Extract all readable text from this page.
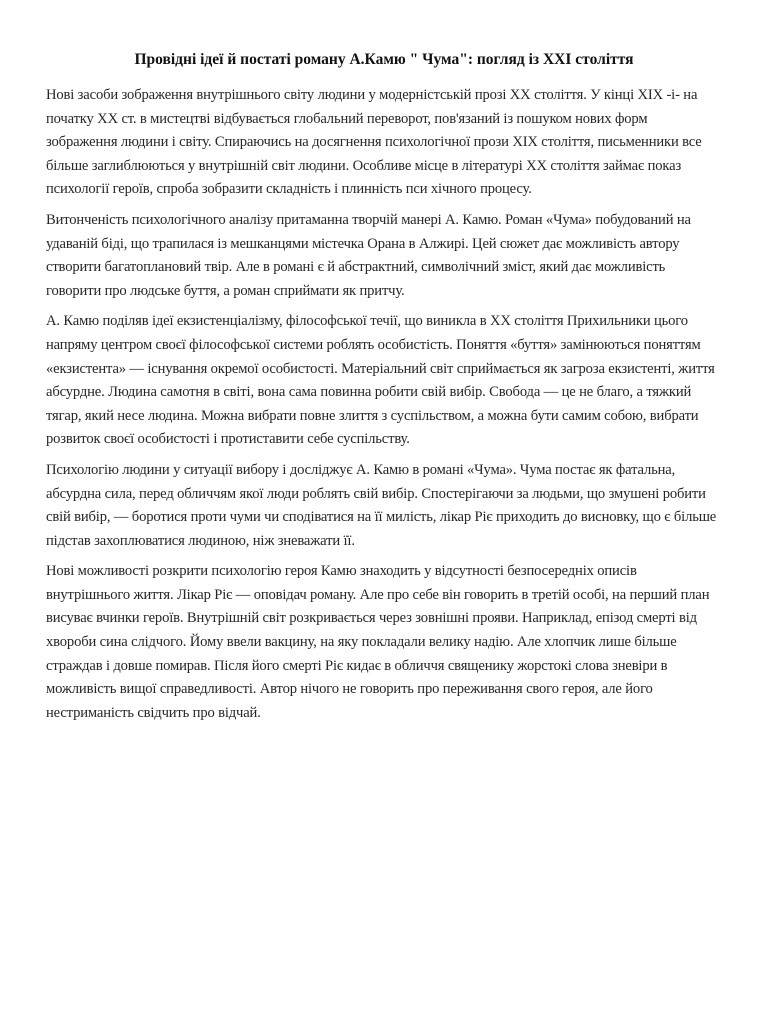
Провідні ідеї й постаті роману А.Камю " Чума": погляд із XXI століття

Нові засоби зображення внутрішнього світу людини у модерністській прозі XX століття. У кінці XIX -і- на початку XX ст. в мистецтві відбувається глобальний переворот, пов'язаний із пошуком нових форм зображення людини і світу. Спираючись на досягнення психологічної прози XIX століття, письменники все більше заглиблюються у внутрішній світ людини. Особливе місце в літературі XX століття займає показ психології героїв, спроба зобразити складність і плинність пси хічного процесу.

Витонченість психологічного аналізу притаманна творчій манері А. Камю. Роман «Чума» побудований на удаваній біді, що трапилася із мешканцями містечка Орана в Алжирі. Цей сюжет дає можливість автору створити багатоплановий твір. Але в романі є й абстрактний, символічний зміст, який дає можливість говорити про людське буття, а роман сприймати як притчу.

А. Камю поділяв ідеї екзистенціалізму, філософської течії, що виникла в XX століття Прихильники цього напряму центром своєї філософської системи роблять особистість. Поняття «буття» замінюються поняттям «екзистента» — існування окремої особистості. Матеріальний світ сприймається як загроза екзистенті, життя абсурдне. Людина самотня в світі, вона сама повинна робити свій вибір. Свобода — це не благо, а тяжкий тягар, який несе людина. Можна вибрати повне злиття з суспільством, а можна бути самим собою, вибрати розвиток своєї особистості і протиставити себе суспільству.

Психологію людини у ситуації вибору і досліджує А. Камю в романі «Чума». Чума постає як фатальна, абсурдна сила, перед обличчям якої люди роблять свій вибір. Спостерігаючи за людьми, що змушені робити свій вибір, — боротися проти чуми чи сподіватися на її милість, лікар Ріє приходить до висновку, що є більше підстав захоплюватися людиною, ніж зневажати її.

Нові можливості розкрити психологію героя Камю знаходить у відсутності безпосередніх описів внутрішнього життя. Лікар Ріє — оповідач роману. Але про себе він говорить в третій особі, на перший план висуває вчинки героїв. Внутрішній світ розкривається через зовнішні прояви. Наприклад, епізод смерті від хвороби сина слідчого. Йому ввели вакцину, на яку покладали велику надію. Але хлопчик лише більше страждав і довше помирав. Після його смерті Ріє кидає в обличчя священику жорстокі слова зневіри в можливість вищої справедливості. Автор нічого не говорить про переживання свого героя, але його нестриманість свідчить про відчай.
